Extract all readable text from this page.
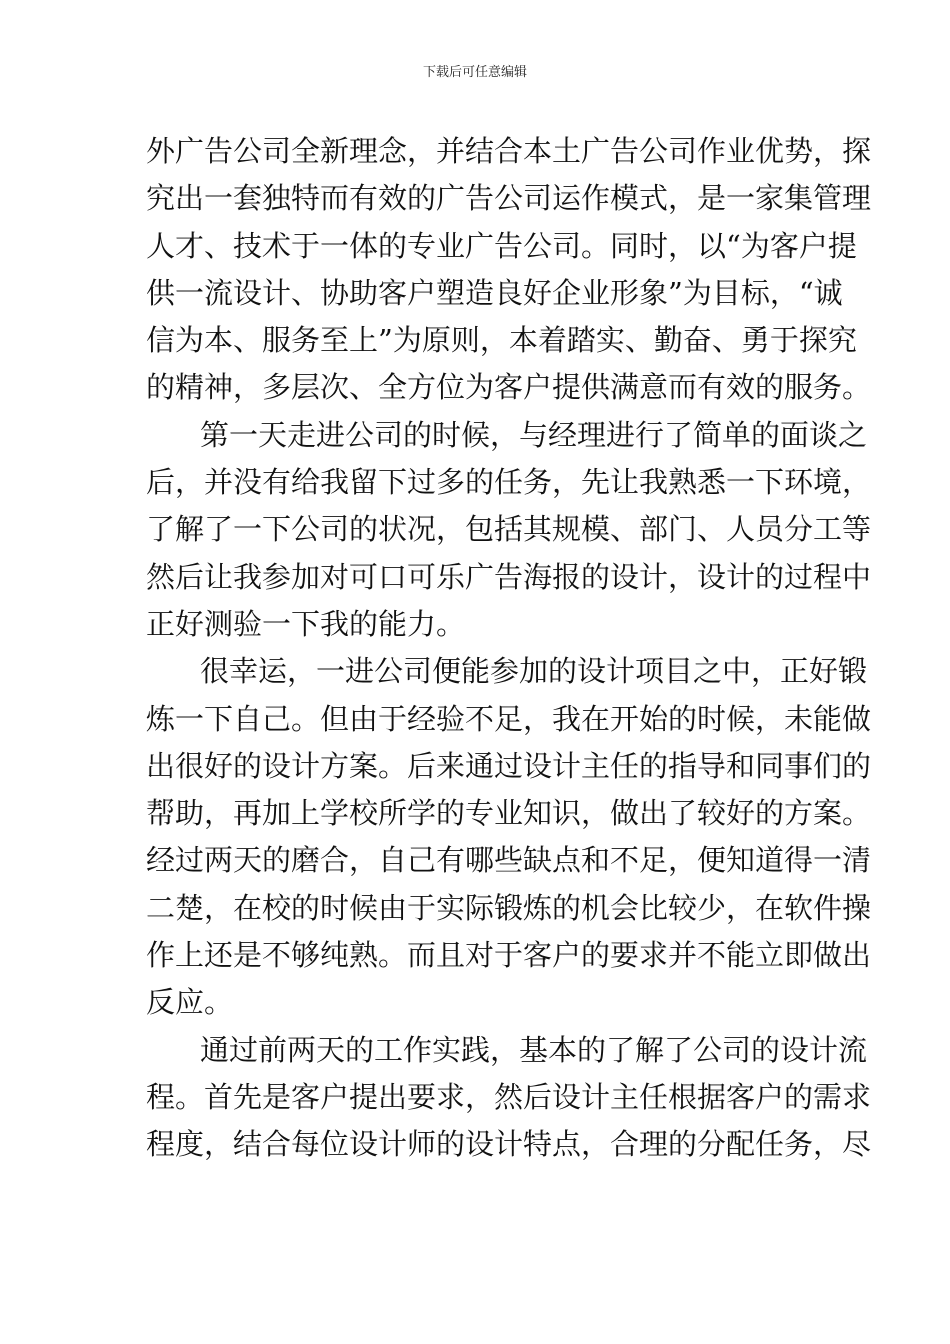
下载后可任意编辑
外广告公司全新理念，并结合本土广告公司作业优势，探
究出一套独特而有效的广告公司运作模式，是一家集管理
人才、技术于一体的专业广告公司。同时，以“为客户提
供一流设计、协助客户塑造良好企业形象”为目标，“诚
信为本、服务至上”为原则，本着踏实、勤奋、勇于探究
的精神，多层次、全方位为客户提供满意而有效的服务。
第一天走进公司的时候，与经理进行了简单的面谈之
后，并没有给我留下过多的任务，先让我熟悉一下环境，
了解了一下公司的状况，包括其规模、部门、人员分工等
然后让我参加对可口可乐广告海报的设计，设计的过程中
正好测验一下我的能力。
很幸运，一进公司便能参加的设计项目之中，正好锻
炼一下自己。但由于经验不足，我在开始的时候，未能做
出很好的设计方案。后来通过设计主任的指导和同事们的
帮助，再加上学校所学的专业知识，做出了较好的方案。
经过两天的磨合，自己有哪些缺点和不足，便知道得一清
二楚，在校的时候由于实际锻炼的机会比较少，在软件操
作上还是不够纯熟。而且对于客户的要求并不能立即做出
反应。
通过前两天的工作实践，基本的了解了公司的设计流
程。首先是客户提出要求，然后设计主任根据客户的需求
程度，结合每位设计师的设计特点，合理的分配任务，尽
